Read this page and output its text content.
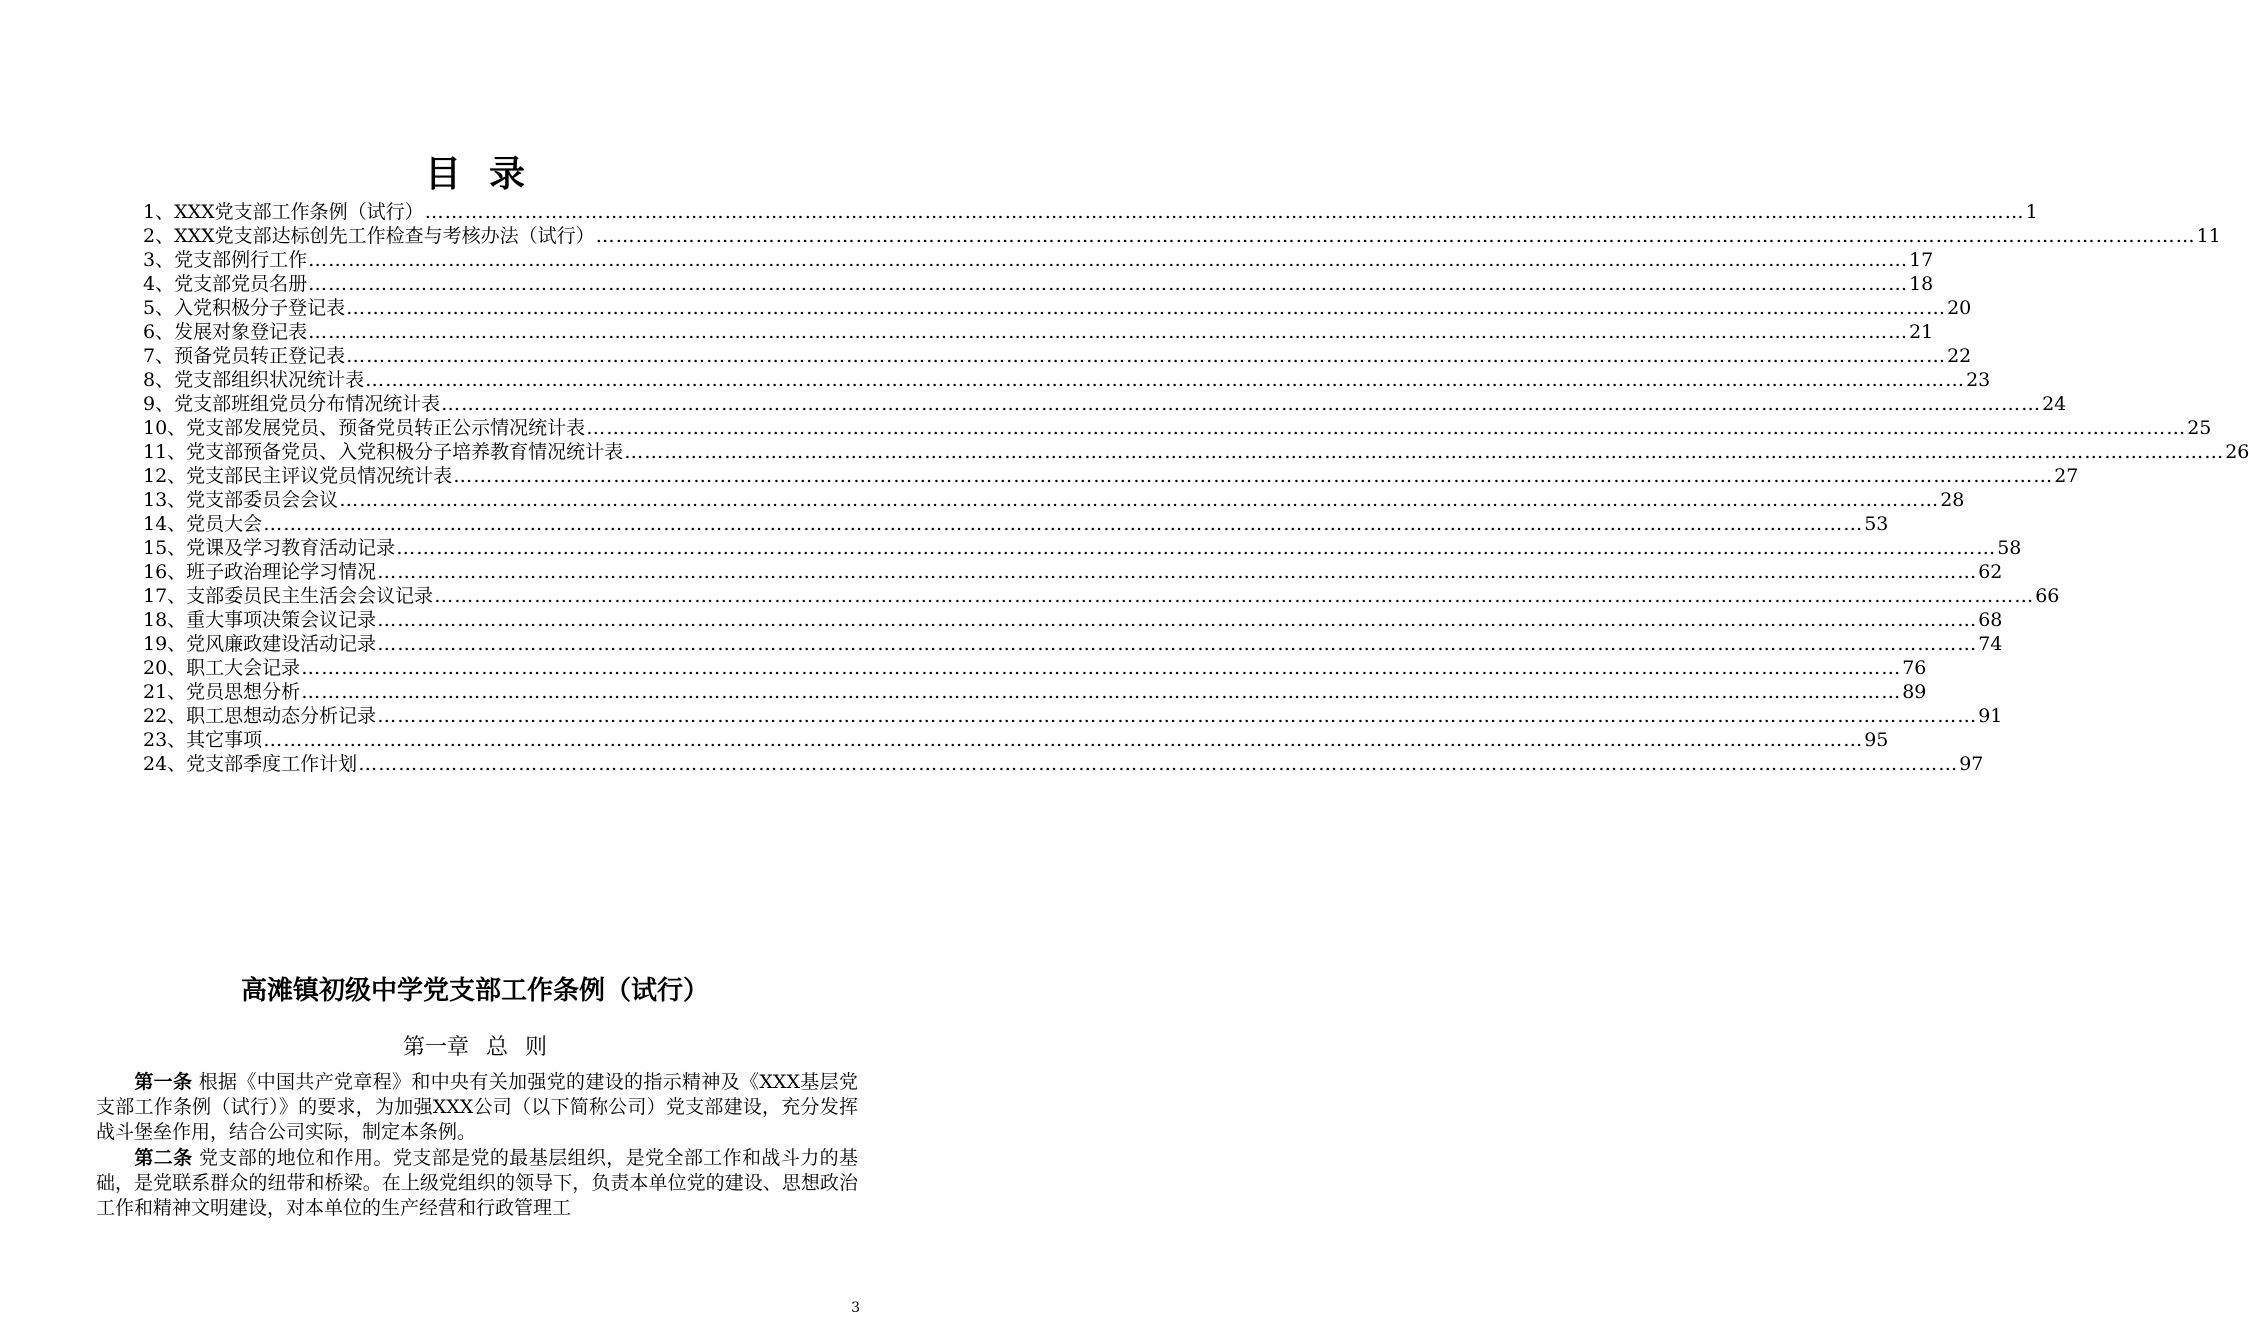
目录
1、XXX党支部工作条例（试行） …………………………………………………………………………………………………………………………………………………………………………………………………………………… 1
2、XXX党支部达标创先工作检查与考核办法（试行） …………………………………………………………………………………………………………………………………………………………………………………………………………………… 11
3、党支部例行工作 …………………………………………………………………………………………………………………………………………………………………………………………………………………… 17
4、党支部党员名册 …………………………………………………………………………………………………………………………………………………………………………………………………………………… 18
5、入党积极分子登记表 …………………………………………………………………………………………………………………………………………………………………………………………………………………… 20
6、发展对象登记表 …………………………………………………………………………………………………………………………………………………………………………………………………………………… 21
7、预备党员转正登记表 …………………………………………………………………………………………………………………………………………………………………………………………………………………… 22
8、党支部组织状况统计表 …………………………………………………………………………………………………………………………………………………………………………………………………………………… 23
9、党支部班组党员分布情况统计表 …………………………………………………………………………………………………………………………………………………………………………………………………………………… 24
10、党支部发展党员、预备党员转正公示情况统计表 …………………………………………………………………………………………………………………………………………………………………………………………………………………… 25
11、党支部预备党员、入党积极分子培养教育情况统计表 …………………………………………………………………………………………………………………………………………………………………………………………………………………… 26
12、党支部民主评议党员情况统计表 …………………………………………………………………………………………………………………………………………………………………………………………………………………… 27
13、党支部委员会会议 …………………………………………………………………………………………………………………………………………………………………………………………………………………… 28
14、党员大会 …………………………………………………………………………………………………………………………………………………………………………………………………………………… 53
15、党课及学习教育活动记录 …………………………………………………………………………………………………………………………………………………………………………………………………………………… 58
16、班子政治理论学习情况 …………………………………………………………………………………………………………………………………………………………………………………………………………………… 62
17、支部委员民主生活会会议记录 …………………………………………………………………………………………………………………………………………………………………………………………………………………… 66
18、重大事项决策会议记录 …………………………………………………………………………………………………………………………………………………………………………………………………………………… 68
19、党风廉政建设活动记录 …………………………………………………………………………………………………………………………………………………………………………………………………………………… 74
20、职工大会记录 …………………………………………………………………………………………………………………………………………………………………………………………………………………… 76
21、党员思想分析 …………………………………………………………………………………………………………………………………………………………………………………………………………………… 89
22、职工思想动态分析记录 …………………………………………………………………………………………………………………………………………………………………………………………………………………… 91
23、其它事项 …………………………………………………………………………………………………………………………………………………………………………………………………………………… 95
24、党支部季度工作计划 …………………………………………………………………………………………………………………………………………………………………………………………………………………… 97
高滩镇初级中学党支部工作条例（试行）
第一章 总 则
  第一条 根据《中国共产党章程》和中央有关加强党的建设的指示精神及《XXX基层党支部工作条例（试行）》的要求，为加强XXX公司（以下简称公司）党支部建设，充分发挥战斗堡垒作用，结合公司实际，制定本条例。
  第二条 党支部的地位和作用。党支部是党的最基层组织，是党全部工作和战斗力的基础，是党联系群众的纽带和桥梁。在上级党组织的领导下，负责本单位党的建设、思想政治工作和精神文明建设，对本单位的生产经营和行政管理工
3
